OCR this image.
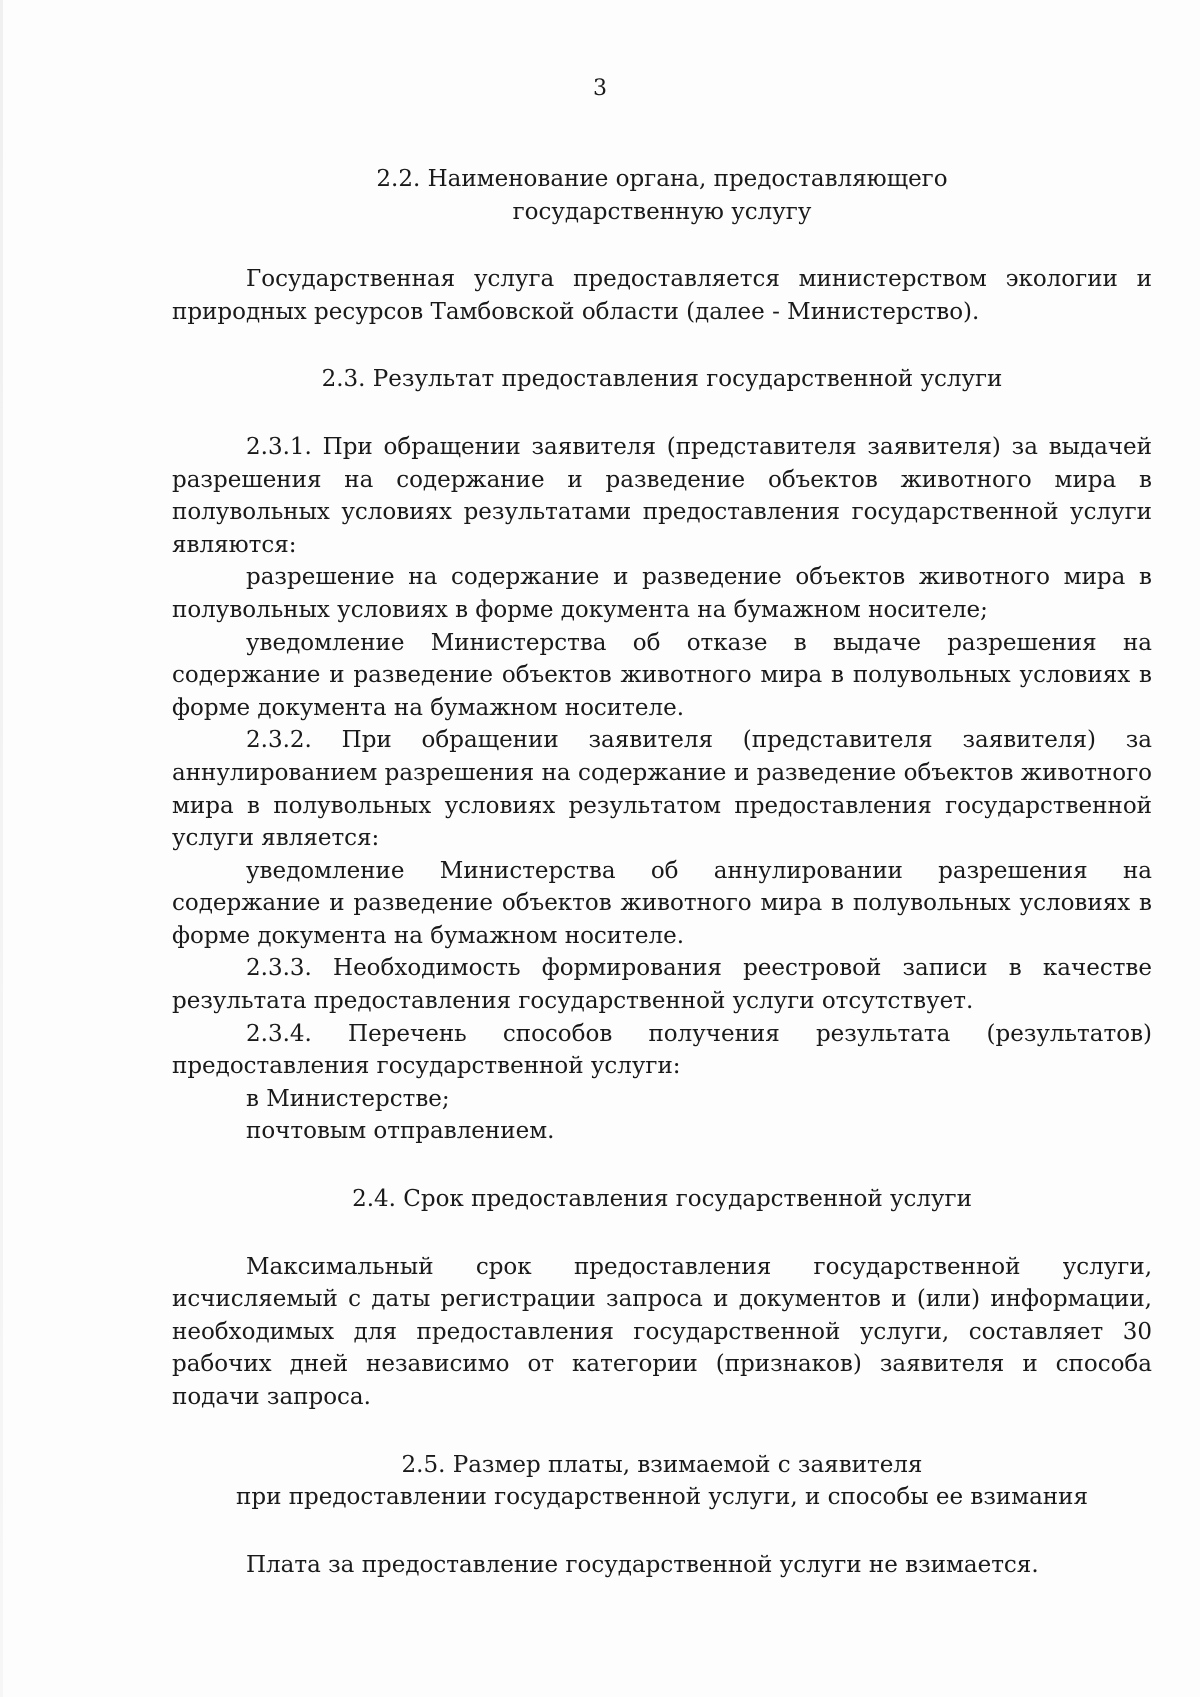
3

2.2. Наименование органа, предоставляющего

государственную услугу

Государственная услуга предоставляется министерством экологии и природных ресурсов Тамбовской области (далее - Министерство).

2.3. Результат предоставления государственной услуги

2.3.1. При обращении заявителя (представителя заявителя) за выдачей разрешения на содержание и разведение объектов животного мира в полувольных условиях результатами предоставления государственной услуги являются:

разрешение на содержание и разведение объектов животного мира в полувольных условиях в форме документа на бумажном носителе;

уведомление Министерства об отказе в выдаче разрешения на содержание и разведение объектов животного мира в полувольных условиях в форме документа на бумажном носителе.

2.3.2. При обращении заявителя (представителя заявителя) за аннулированием разрешения на содержание и разведение объектов животного мира в полувольных условиях результатом предоставления государственной услуги является:

уведомление Министерства об аннулировании разрешения на содержание и разведение объектов животного мира в полувольных условиях в форме документа на бумажном носителе.

2.3.3. Необходимость формирования реестровой записи в качестве результата предоставления государственной услуги отсутствует.

2.3.4. Перечень способов получения результата (результатов) предоставления государственной услуги:

в Министерстве;

почтовым отправлением.

2.4. Срок предоставления государственной услуги

Максимальный срок предоставления государственной услуги, исчисляемый с даты регистрации запроса и документов и (или) информации, необходимых для предоставления государственной услуги, составляет 30 рабочих дней независимо от категории (признаков) заявителя и способа подачи запроса.

2.5. Размер платы, взимаемой с заявителя

при предоставлении государственной услуги, и способы ее взимания

Плата за предоставление государственной услуги не взимается.
